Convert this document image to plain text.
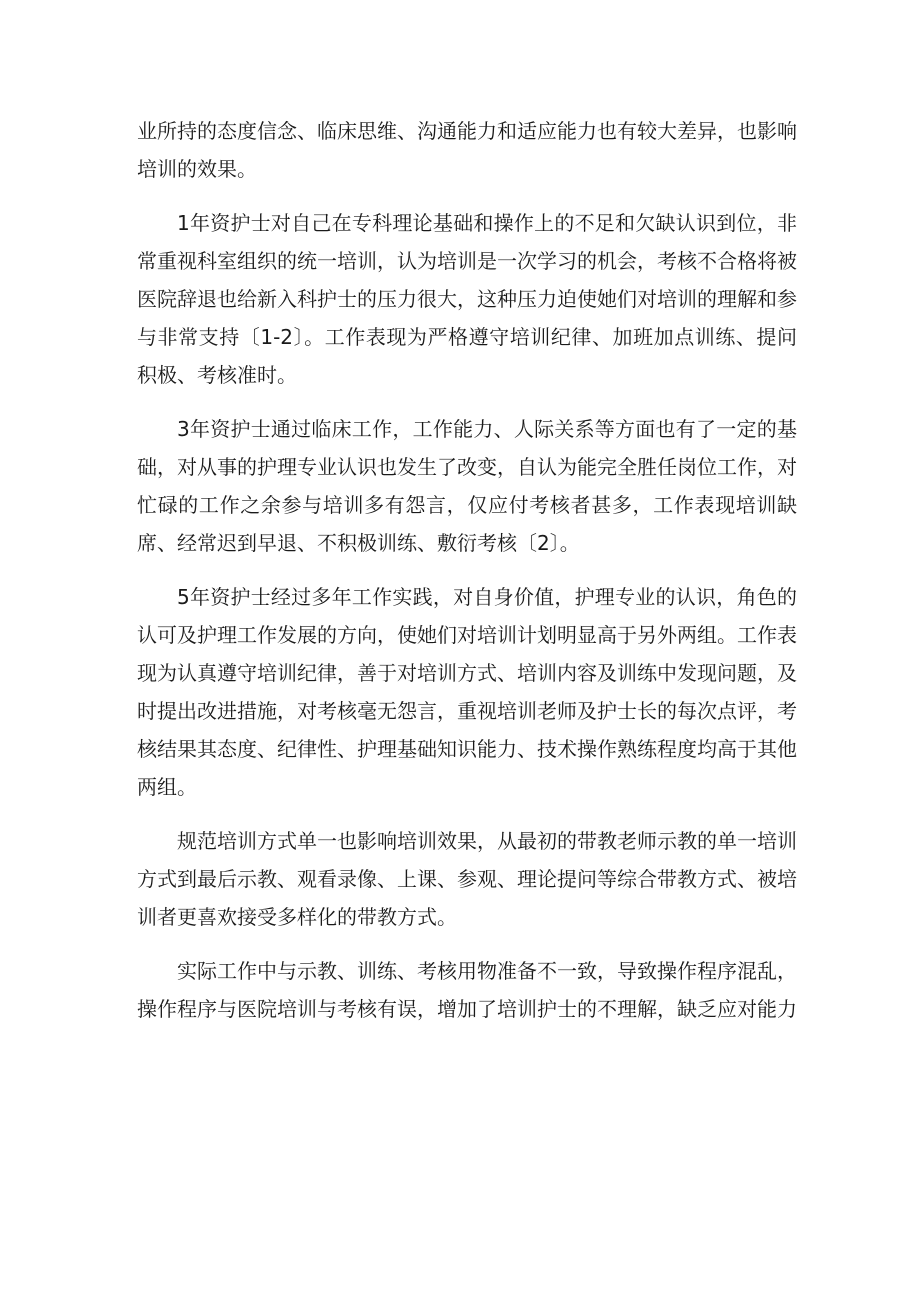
业所持的态度信念、临床思维、沟通能力和适应能力也有较大差异，也影响培训的效果。

1年资护士对自己在专科理论基础和操作上的不足和欠缺认识到位，非常重视科室组织的统一培训，认为培训是一次学习的机会，考核不合格将被医院辞退也给新入科护士的压力很大，这种压力迫使她们对培训的理解和参与非常支持〔1-2〕。工作表现为严格遵守培训纪律、加班加点训练、提问积极、考核准时。

3年资护士通过临床工作，工作能力、人际关系等方面也有了一定的基础，对从事的护理专业认识也发生了改变，自认为能完全胜任岗位工作，对忙碌的工作之余参与培训多有怨言，仅应付考核者甚多，工作表现培训缺席、经常迟到早退、不积极训练、敷衍考核〔2〕。

5年资护士经过多年工作实践，对自身价值，护理专业的认识，角色的认可及护理工作发展的方向，使她们对培训计划明显高于另外两组。工作表现为认真遵守培训纪律，善于对培训方式、培训内容及训练中发现问题，及时提出改进措施，对考核毫无怨言，重视培训老师及护士长的每次点评，考核结果其态度、纪律性、护理基础知识能力、技术操作熟练程度均高于其他两组。

规范培训方式单一也影响培训效果，从最初的带教老师示教的单一培训方式到最后示教、观看录像、上课、参观、理论提问等综合带教方式、被培训者更喜欢接受多样化的带教方式。

实际工作中与示教、训练、考核用物准备不一致，导致操作程序混乱，操作程序与医院培训与考核有误，增加了培训护士的不理解，缺乏应对能力
